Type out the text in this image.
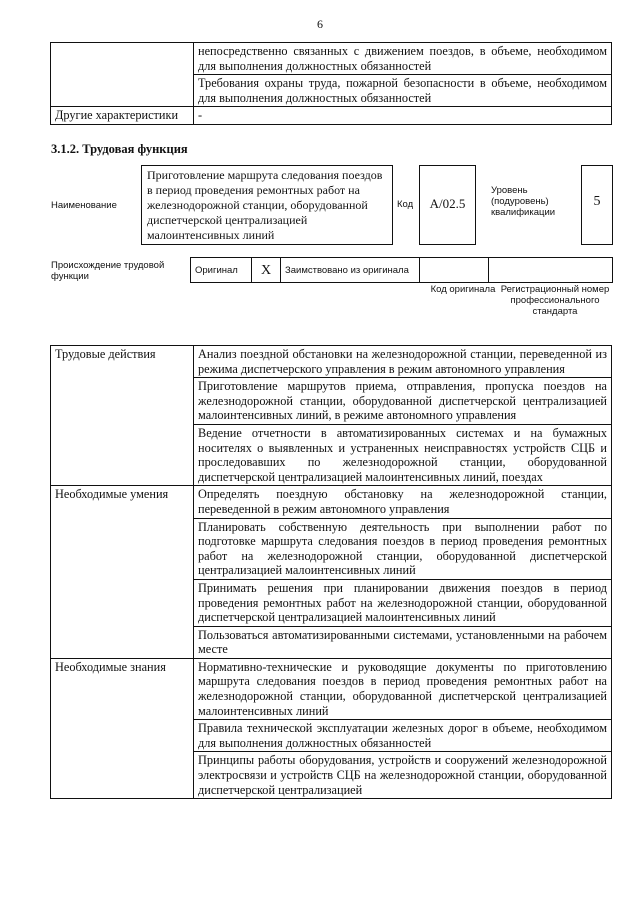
6
	непосредственно связанных с движением поездов, в объеме, необходимом для выполнения должностных обязанностей
	Требования охраны труда, пожарной безопасности в объеме, необходимом для выполнения должностных обязанностей
Другие характеристики	-
3.1.2. Трудовая функция
Наименование
Приготовление маршрута следования поездов в период проведения ремонтных работ на железнодорожной станции, оборудованной диспетчерской централизацией малоинтенсивных линий
Код	A/02.5
Уровень (подуровень) квалификации
5
Происхождение трудовой функции
Оригинал	X	Заимствовано из оригинала		
Код оригинала Регистрационный номер профессионального стандарта
Трудовые действия	Анализ поездной обстановки на железнодорожной станции, переведенной из режима диспетчерского управления в режим автономного управления
	Приготовление маршрутов приема, отправления, пропуска поездов на железнодорожной станции, оборудованной диспетчерской централизацией малоинтенсивных линий, в режиме автономного управления
	Ведение отчетности в автоматизированных системах и на бумажных носителях о выявленных и устраненных неисправностях устройств СЦБ и проследовавших по железнодорожной станции, оборудованной диспетчерской централизацией малоинтенсивных линий, поездах
Необходимые умения	Определять поездную обстановку на железнодорожной станции, переведенной в режим автономного управления
	Планировать собственную деятельность при выполнении работ по подготовке маршрута следования поездов в период проведения ремонтных работ на железнодорожной станции, оборудованной диспетчерской централизацией малоинтенсивных линий
	Принимать решения при планировании движения поездов в период проведения ремонтных работ на железнодорожной станции, оборудованной диспетчерской централизацией малоинтенсивных линий
	Пользоваться автоматизированными системами, установленными на рабочем месте
Необходимые знания	Нормативно-технические и руководящие документы по приготовлению маршрута следования поездов в период проведения ремонтных работ на железнодорожной станции, оборудованной диспетчерской централизацией малоинтенсивных линий
	Правила технической эксплуатации железных дорог в объеме, необходимом для выполнения должностных обязанностей
	Принципы работы оборудования, устройств и сооружений железнодорожной электросвязи и устройств СЦБ на железнодорожной станции, оборудованной диспетчерской централизацией
